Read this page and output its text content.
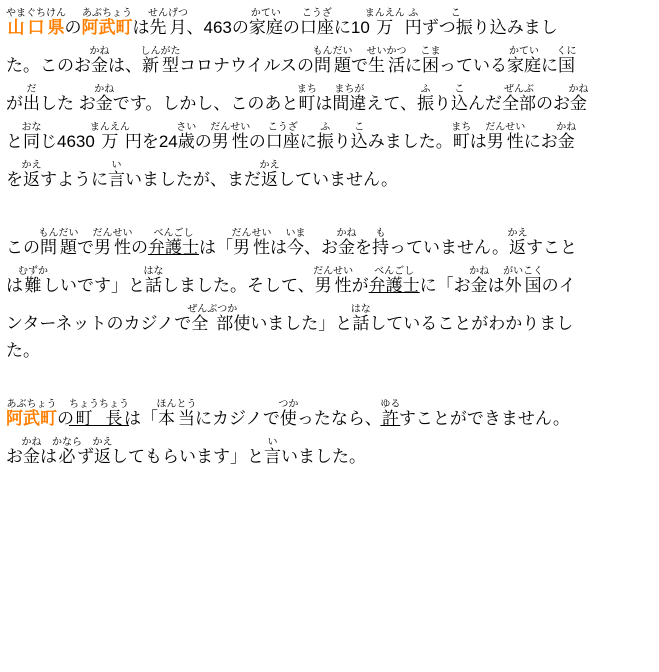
山口県やまぐちけんの阿武町あぶちょうは先月せんげつ、463の家庭かていの口座こうざに10万まんえん円ふずつ振りこ込みまし
た。このお金かねは、新型しんがたコロナウイルスの問題もんだいで生活せいかつに困こまっている家庭かていに国くに
が出だした お金かねです。しかし、このあと町まちは間違まちがえて、振ふり込こんだ全部ぜんぶのお金かね
と同おなじ4630万まんえん円を24歳さいの男性だんせいの口座こうざに振ふり込こみました。町まちは男性だんせいにお金かね
を返かえすように言いいましたが、まだ返かえしていません。
この問題もんだいで男性だんせいの弁護士べんごしは「男性だんせいは今いま、お金かねを持もっていません。返かえすこと
は難むずかしいです」と話はなしました。そして、男性だんせいが弁護士べんごしに「お金かねは外国がいこくのイ
ンターネットのカジノで全部ぜんぶつか使いました」と話はなしていることがわかりまし
た。
阿武町あぶちょうの町長ちょうちょうは「本当ほんとうにカジノで使つかったなら、許ゆるすことができません。
お金かねは必かならず返かえしてもらいます」と言いいました。
